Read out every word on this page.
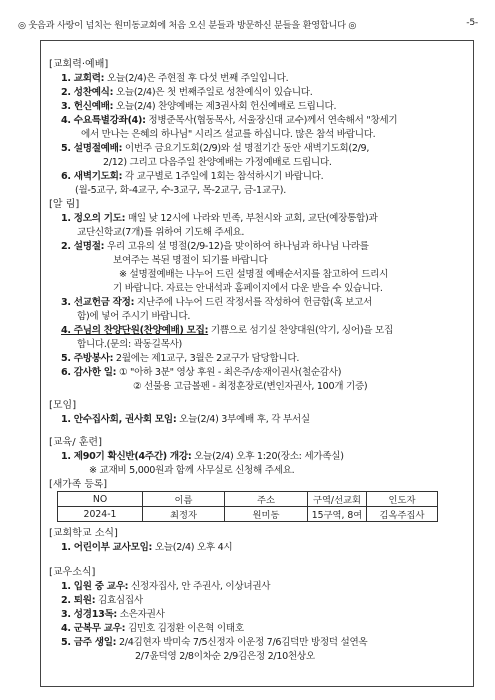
◎ 웃음과 사랑이 넘치는 원미동교회에 처음 오신 분들과 방문하신 분들을 환영합니다 ◎	-5-
[교회력·예배]
1. 교회력: 오늘(2/4)은 주현절 후 다섯 번째 주일입니다.
2. 성찬예식: 오늘(2/4)은 첫 번째주일로 성찬예식이 있습니다.
3. 헌신예배: 오늘(2/4) 찬양예배는 제3권사회 헌신예배로 드립니다.
4. 수요특별강좌(4): 정병준목사(협동목사, 서울장신대 교수)께서 연속해서 "창세기
에서 만나는 은혜의 하나님" 시리즈 설교를 하십니다. 많은 참석 바랍니다.
5. 설명절예배: 이번주 금요기도회(2/9)와 설 명절기간 동안 새벽기도회(2/9,
2/12) 그리고 다음주일 찬양예배는 가정예배로 드립니다.
6. 새벽기도회: 각 교구별로 1주일에 1회는 참석하시기 바랍니다.
(월-5교구, 화-4교구, 수-3교구, 목-2교구, 금-1교구).
[알 림]
1. 정오의 기도: 매일 낮 12시에 나라와 민족, 부천시와 교회, 교단(예장통합)과
교단신학교(7개)를 위하여 기도해 주세요.
2. 설명절: 우리 고유의 설 명절(2/9-12)을 맞이하여 하나님과 하나님 나라를
보여주는 복된 명절이 되기를 바랍니다
※ 설명절예배는 나누어 드린 설명절 예배순서지를 참고하여 드리시
기 바랍니다. 자료는 안내석과 홈페이지에서 다운 받을 수 있습니다.
3. 선교헌금 작정: 지난주에 나누어 드린 작정서를 작성하여 헌금함(혹 보고서
함)에 넣어 주시기 바랍니다.
4. 주님의 찬양단원(찬양예배) 모집: 기쁨으로 섬기실 찬양대원(악기, 싱어)을 모집
합니다.(문의: 곽동길목사)
5. 주방봉사: 2월에는 제1교구, 3월은 2교구가 담당합니다.
6. 감사한 일: ① "아하 3분" 영상 후원 - 최은주/송재이권사(철순감사)
② 선물용 고급볼펜 - 최정훈장로(변인자권사, 100개 기증)
[모임]
1. 안수집사회, 권사회 모임: 오늘(2/4) 3부예배 후, 각 부서실
[교육/ 훈련]
1. 제90기 확신반(4주간) 개강: 오늘(2/4) 오후 1:20(장소: 세가족실)
※ 교재비 5,000원과 함께 사무실로 신청해 주세요.
[새가족 등록]
NO	이름	주소	구역/선교회	인도자
2024-1	최정자	원미동	15구역, 8여	김옥주집사
[교회학교 소식]
1. 어린이부 교사모임: 오늘(2/4) 오후 4시
[교우소식]
1. 입원 중 교우: 신정자집사, 안 주권사, 이상녀권사
2. 퇴원: 김효심집사
3. 성경13독: 소은자권사
4. 군복무 교우: 김민호 김정환 이은혁 이태호
5. 금주 생일: 2/4김현자 박미숙 7/5신정자 이운정 7/6김덕만 방정덕 설연옥
2/7윤덕영 2/8이차순 2/9김은정 2/10천상오
